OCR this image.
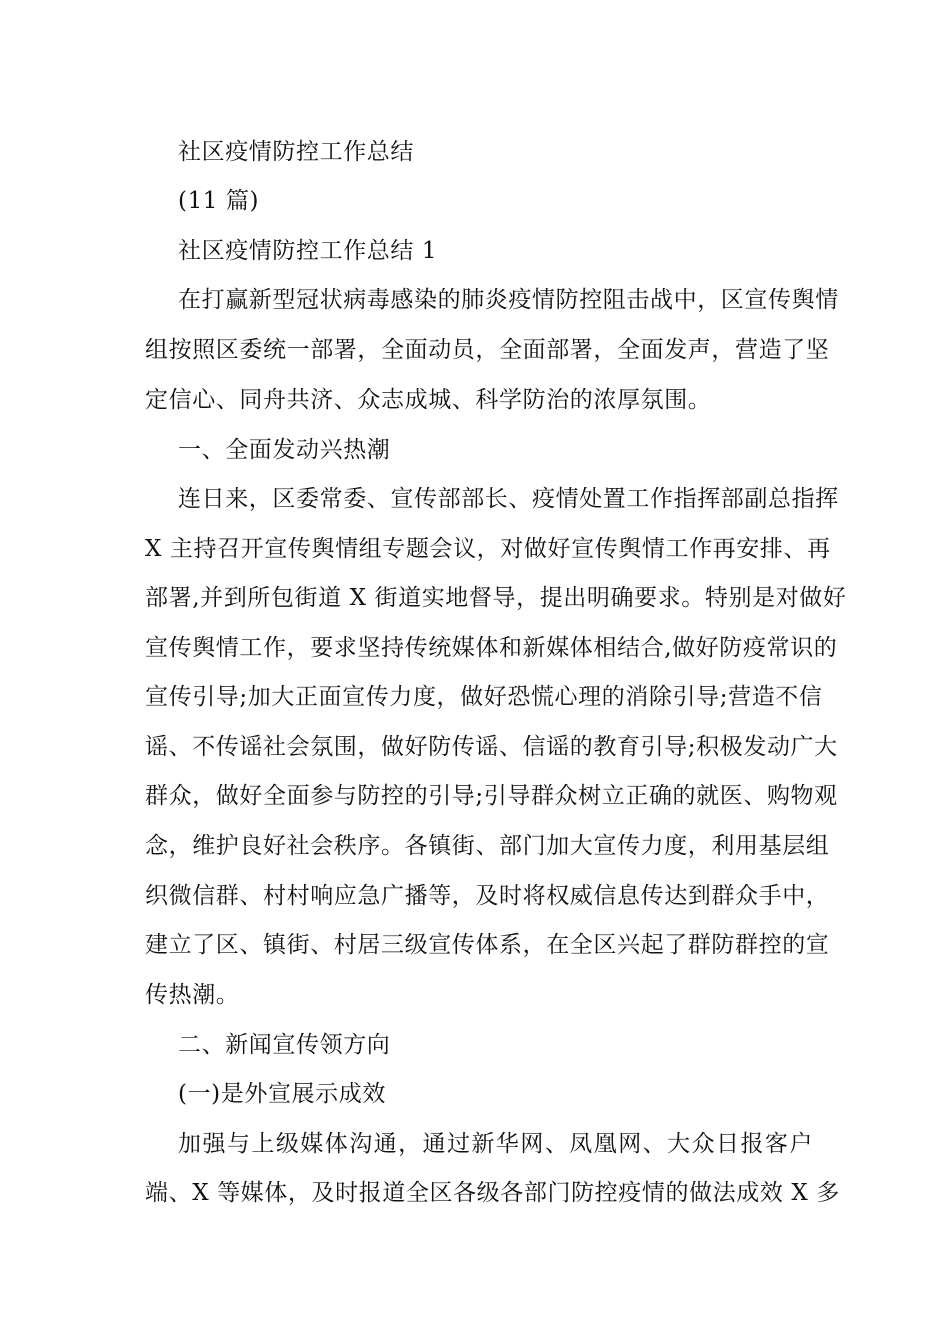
社区疫情防控工作总结
(11 篇)
社区疫情防控工作总结 1
在打赢新型冠状病毒感染的肺炎疫情防控阻击战中，区宣传舆情
组按照区委统一部署，全面动员，全面部署，全面发声，营造了坚
定信心、同舟共济、众志成城、科学防治的浓厚氛围。
一、全面发动兴热潮
连日来，区委常委、宣传部部长、疫情处置工作指挥部副总指挥
X 主持召开宣传舆情组专题会议，对做好宣传舆情工作再安排、再
部署,并到所包街道 X 街道实地督导，提出明确要求。特别是对做好
宣传舆情工作，要求坚持传统媒体和新媒体相结合,做好防疫常识的
宣传引导;加大正面宣传力度，做好恐慌心理的消除引导;营造不信
谣、不传谣社会氛围，做好防传谣、信谣的教育引导;积极发动广大
群众，做好全面参与防控的引导;引导群众树立正确的就医、购物观
念，维护良好社会秩序。各镇街、部门加大宣传力度，利用基层组
织微信群、村村响应急广播等，及时将权威信息传达到群众手中，
建立了区、镇街、村居三级宣传体系，在全区兴起了群防群控的宣
传热潮。
二、新闻宣传领方向
(一)是外宣展示成效
加强与上级媒体沟通，通过新华网、凤凰网、大众日报客户
端、X 等媒体，及时报道全区各级各部门防控疫情的做法成效 X 多
